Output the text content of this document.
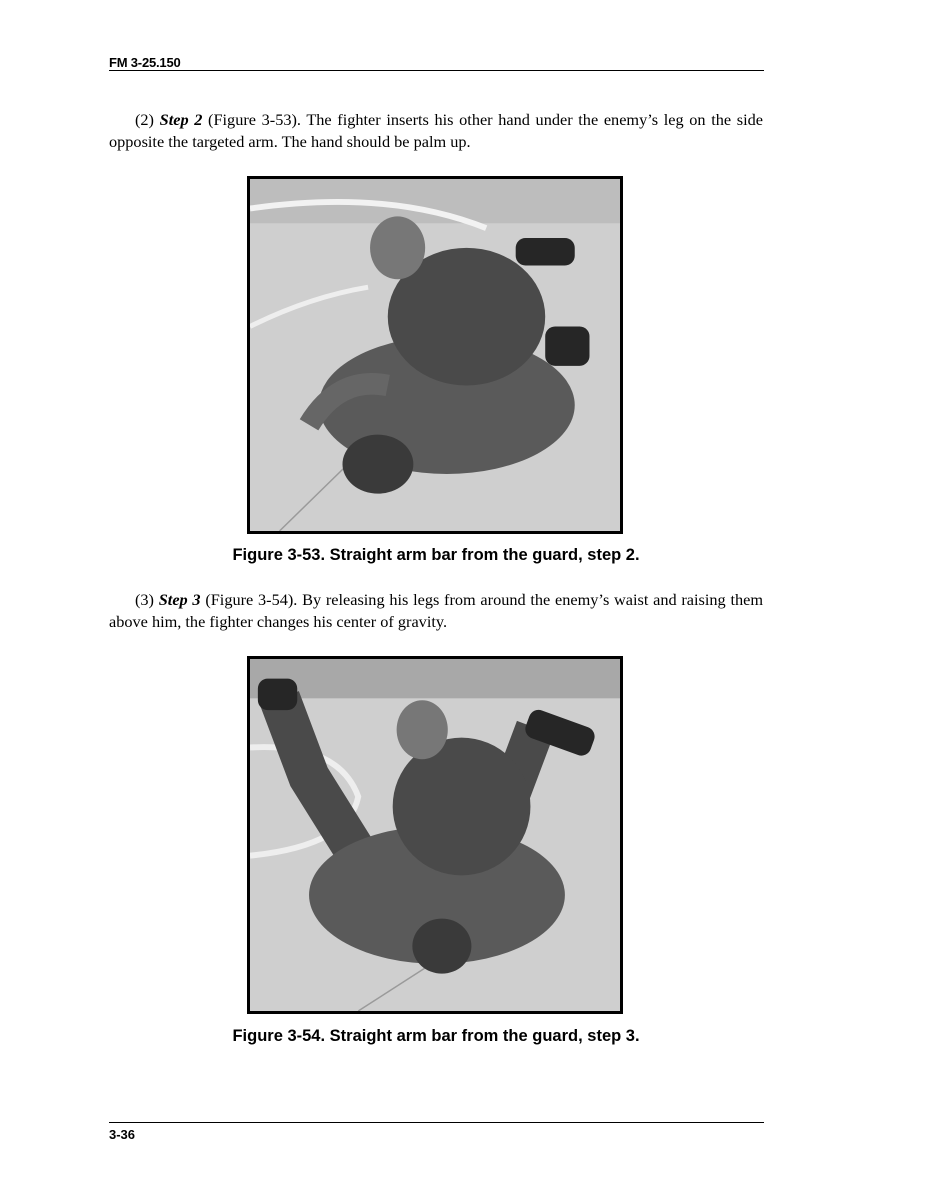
FM 3-25.150

(2) Step 2 (Figure 3-53). The fighter inserts his other hand under the enemy’s leg on the side opposite the targeted arm. The hand should be palm up.

Figure 3-53. Straight arm bar from the guard, step 2.

(3) Step 3 (Figure 3-54). By releasing his legs from around the enemy’s waist and raising them above him, the fighter changes his center of gravity.

Figure 3-54. Straight arm bar from the guard, step 3.

3-36
